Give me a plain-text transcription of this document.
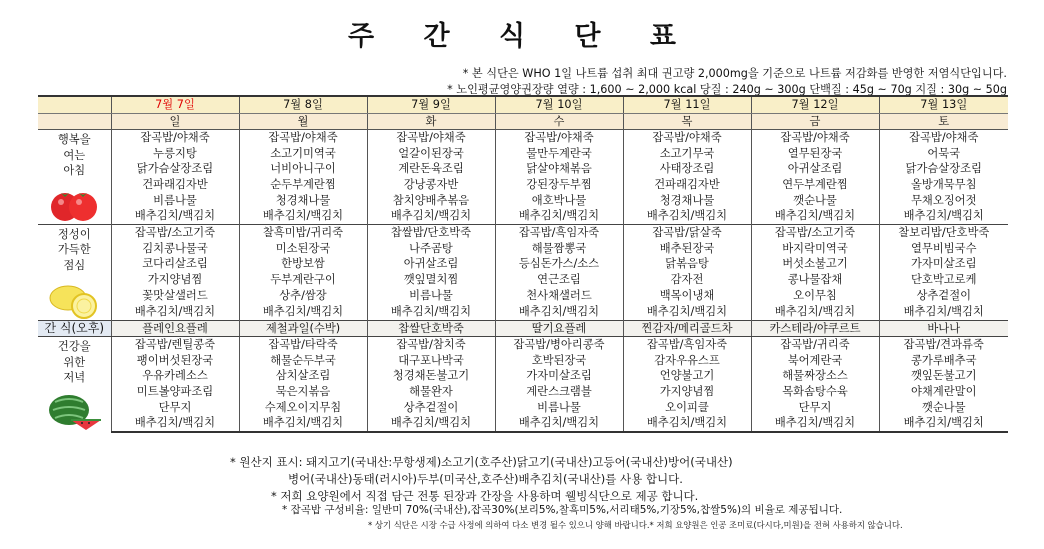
주 간 식 단 표
* 본 식단은 WHO 1일 나트륨 섭취 최대 권고량 2,000mg을 기준으로 나트륨 저감화를 반영한 저염식단입니다.
* 노인평균영양권장량 열량 : 1,600 ~ 2,000 kcal 당질 : 240g ~ 300g 단백질 : 45g ~ 70g 지질 : 30g ~ 50g
	7월 7일	7월 8일	7월 9일	7월 10일	7월 11일	7월 12일	7월 13일
	일	월	화	수	목	금	토

행복을
여는
아침	잡곡밥/야채죽	잡곡밥/야채죽	잡곡밥/야채죽	잡곡밥/야채죽	잡곡밥/야채죽	잡곡밥/야채죽	잡곡밥/야채죽
	누릉지탕	소고기미역국	얼갈이된장국	물만두계란국	소고기무국	열무된장국	어묵국
	닭가슴살장조림	너비아니구이	계란돈육조림	닭살야채볶음	사태장조림	아귀살조림	닭가슴살장조림
	건파래김자반	순두부계란찜	강낭콩자반	강된장두부찜	건파래김자반	연두부계란찜	올방개묵무침
	비름나물	청경채나물	참치양배추볶음	애호박나물	청경채나물	깻순나물	무채오징어젓
	배추김치/백김치	배추김치/백김치	배추김치/백김치	배추김치/백김치	배추김치/백김치	배추김치/백김치	배추김치/백김치

정성이
가득한
점심	잡곡밥/소고기죽	찰흑미밥/귀리죽	찹쌀밥/단호박죽	잡곡밥/흑임자죽	잡곡밥/닭살죽	잡곡밥/소고기죽	찰보리밥/단호박죽
	김치콩나물국	미소된장국	나주곰탕	해물짬뽕국	배추된장국	바지락미역국	열무비빔국수
	코다리살조림	한방보쌈	아귀살조림	등심돈가스/소스	닭볶음탕	버섯소불고기	가자미살조림
	가지양념찜	두부계란구이	깻잎멸치찜	연근조림	감자전	콩나물잡채	단호박고로케
	꽃맛살샐러드	상추/쌈장	비름나물	천사채샐러드	백목이냉채	오이무침	상추겉절이
	배추김치/백김치	배추김치/백김치	배추김치/백김치	배추김치/백김치	배추김치/백김치	배추김치/백김치	배추김치/백김치
간 식(오후)	플레인요플레	제철과일(수박)	찹쌀단호박죽	딸기요플레	찐감자/메리골드차	카스테라/야쿠르트	바나나

건강을
위한
저녁	잡곡밥/렌틸콩죽	잡곡밥/타락죽	잡곡밥/참치죽	잡곡밥/병아리콩죽	잡곡밥/흑임자죽	잡곡밥/귀리죽	잡곡밥/견과류죽
	팽이버섯된장국	해물순두부국	대구포나박국	호박된장국	감자우유스프	북어계란국	콩가루배추국
	우유카레소스	삼치살조림	청경채돈불고기	가자미살조림	언양불고기	해물짜장소스	깻잎돈불고기
	미트볼양파조림	묵은지볶음	해물완자	계란스크램블	가지양념찜	목화솜탕수육	야채계란말이
	단무지	수제오이지무침	상추겉절이	비름나물	오이피클	단무지	깻순나물
	배추김치/백김치	배추김치/백김치	배추김치/백김치	배추김치/백김치	배추김치/백김치	배추김치/백김치	배추김치/백김치
* 원산지 표시: 돼지고기(국내산:무항생제)소고기(호주산)닭고기(국내산)고등어(국내산)방어(국내산)
병어(국내산)동태(러시아)두부(미국산,호주산)배추김치(국내산)를 사용 합니다.
* 저희 요양원에서 직접 담근 전통 된장과 간장을 사용하며 웰빙식단으로 제공 합니다.
* 잡곡밥 구성비율: 일반미 70%(국내산),잡곡30%(보리5%,찰흑미5%,서리태5%,기장5%,찹쌀5%)의 비율로 제공됩니다.
* 상기 식단은 시장 수급 사정에 의하여 다소 변경 될수 있으니 양해 바랍니다.* 저희 요양원은 인공 조미료(다시다,미원)을 전혀 사용하지 않습니다.
